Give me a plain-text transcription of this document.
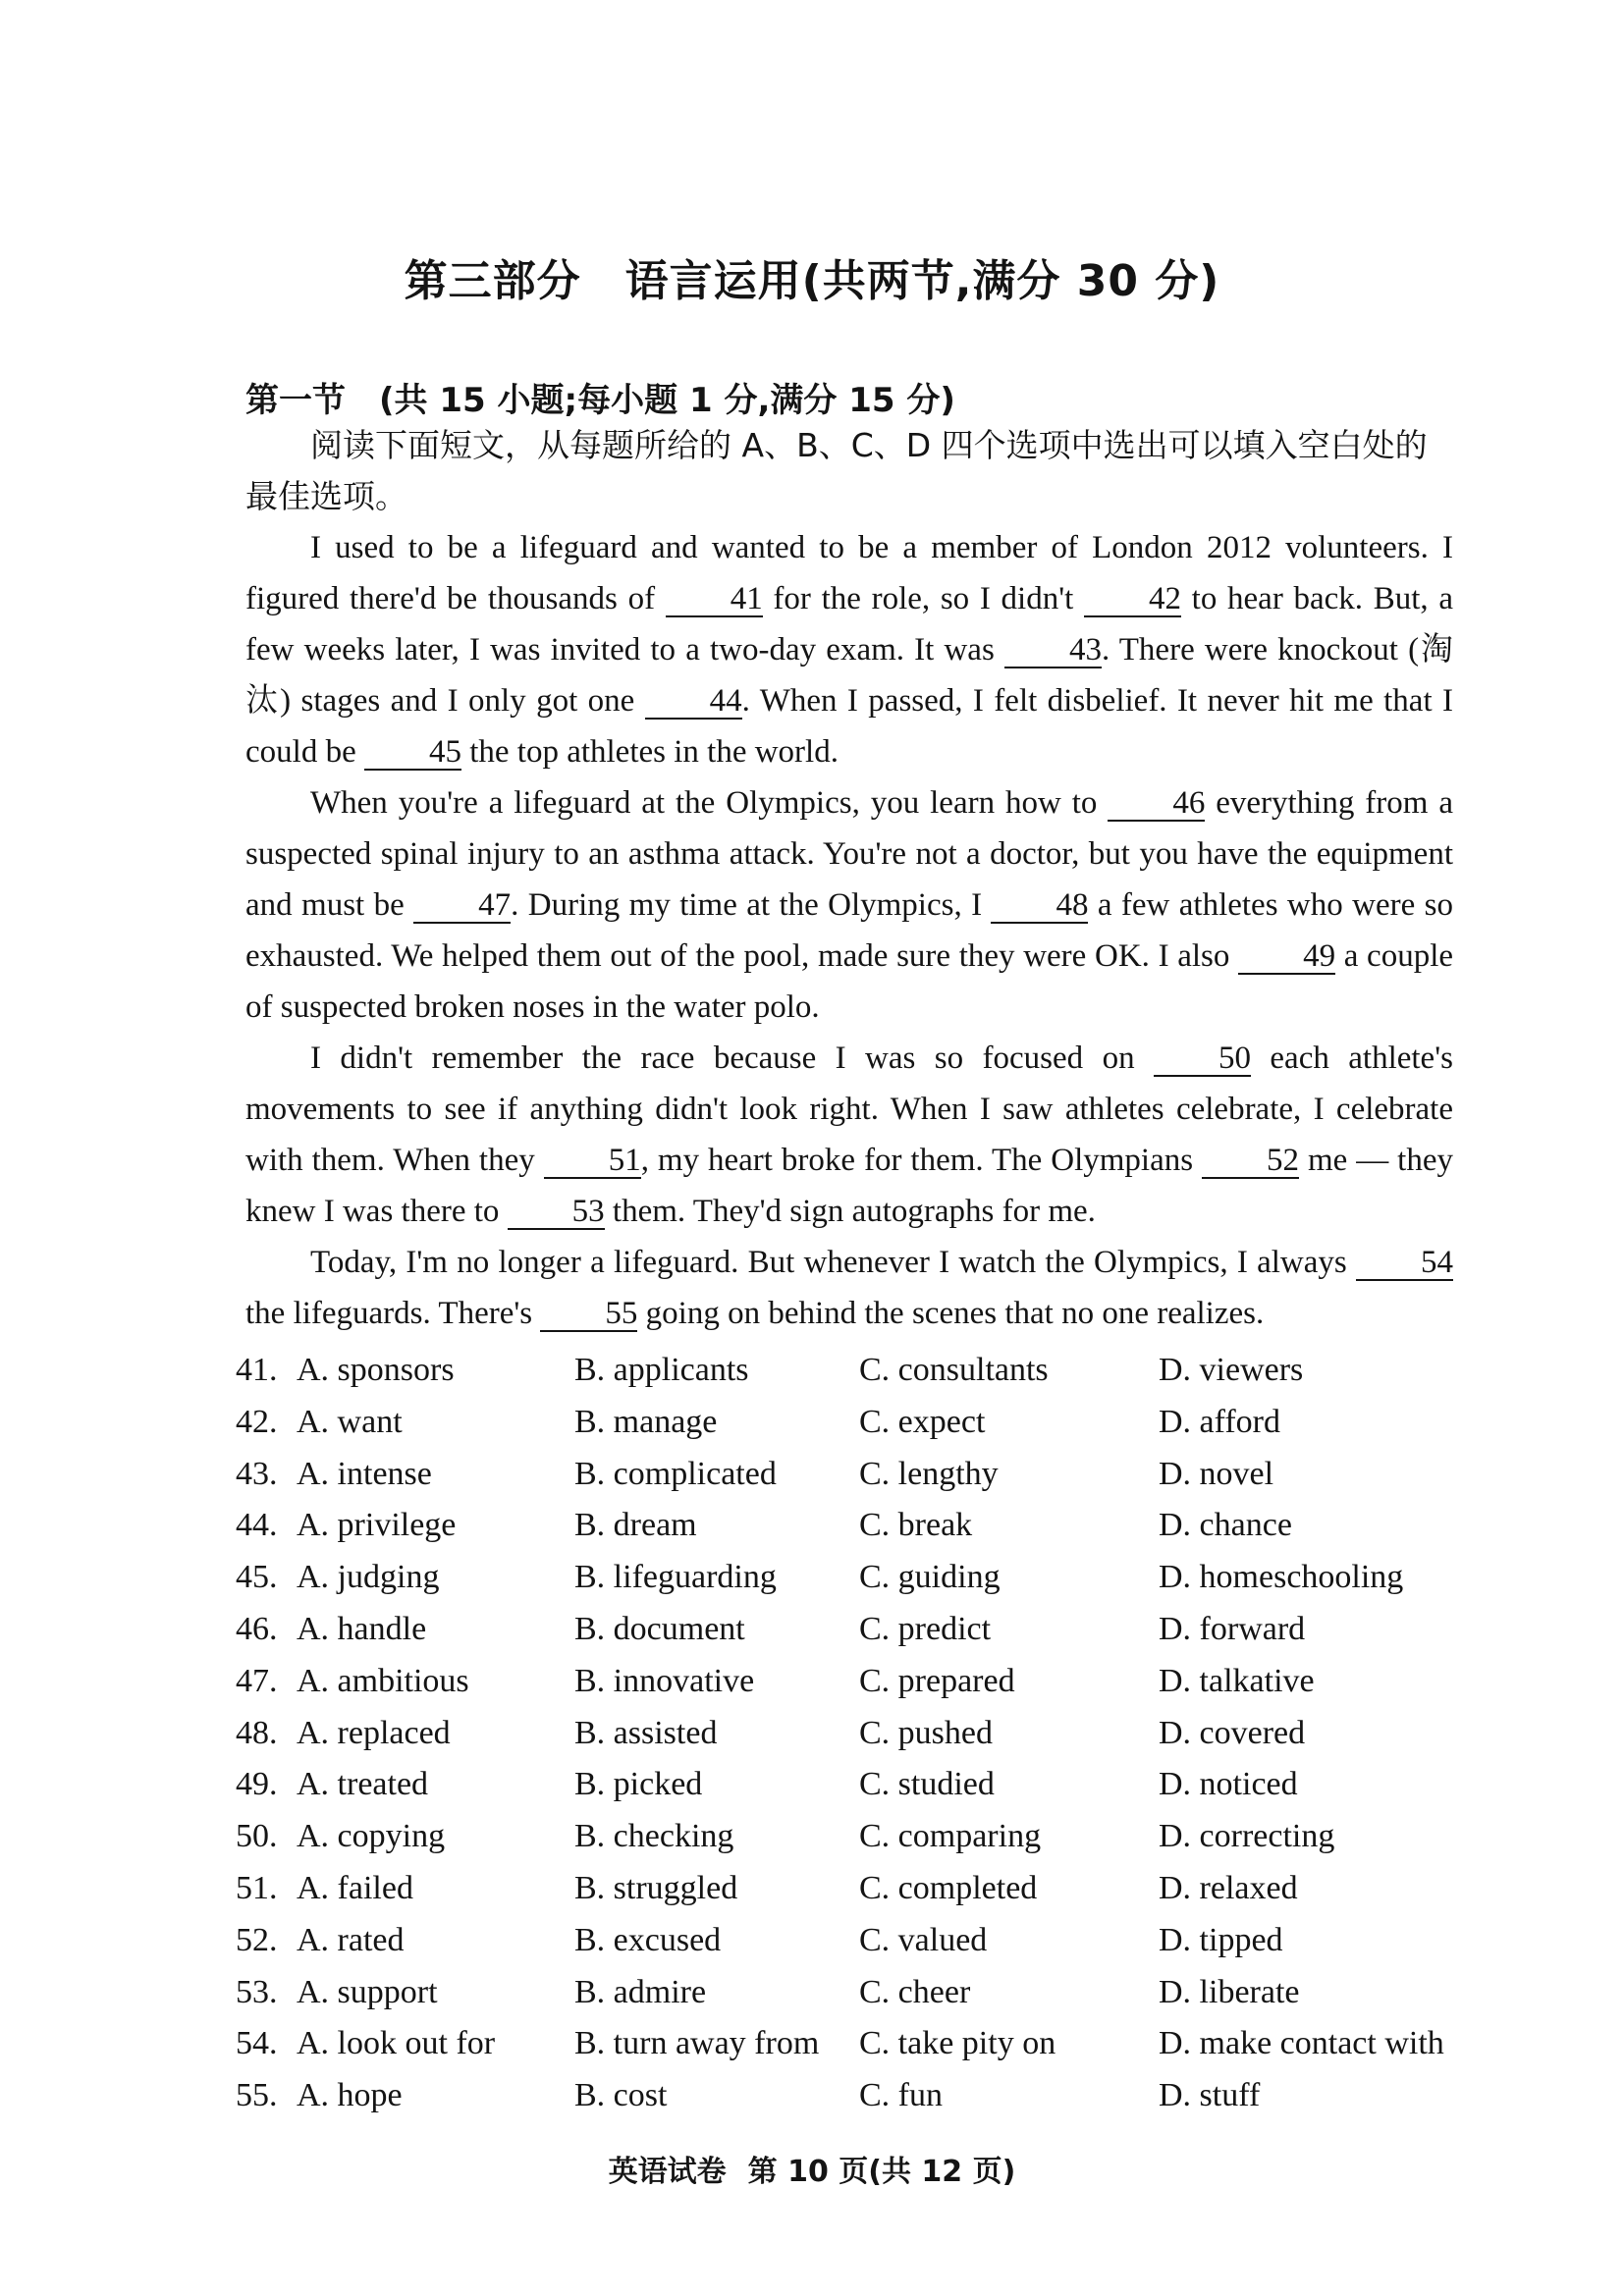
第三部分　语言运用(共两节,满分 30 分)
第一节　(共 15 小题;每小题 1 分,满分 15 分)
阅读下面短文，从每题所给的 A、B、C、D 四个选项中选出可以填入空白处的最佳选项。

I used to be a lifeguard and wanted to be a member of London 2012 volunteers. I figured there'd be thousands of 41 for the role, so I didn't 42 to hear back. But, a few weeks later, I was invited to a two-day exam. It was 43. There were knockout (淘汰) stages and I only got one 44. When I passed, I felt disbelief. It never hit me that I could be 45 the top athletes in the world.

When you're a lifeguard at the Olympics, you learn how to 46 everything from a suspected spinal injury to an asthma attack. You're not a doctor, but you have the equipment and must be 47. During my time at the Olympics, I 48 a few athletes who were so exhausted. We helped them out of the pool, made sure they were OK. I also 49 a couple of suspected broken noses in the water polo.

I didn't remember the race because I was so focused on 50 each athlete's movements to see if anything didn't look right. When I saw athletes celebrate, I celebrate with them. When they 51, my heart broke for them. The Olympians 52 me — they knew I was there to 53 them. They'd sign autographs for me.

Today, I'm no longer a lifeguard. But whenever I watch the Olympics, I always 54 the lifeguards. There's 55 going on behind the scenes that no one realizes.

41. A. sponsors	B. applicants	C. consultants	D. viewers
42. A. want	B. manage	C. expect	D. afford
43. A. intense	B. complicated C. lengthy	D. novel
44. A. privilege	B. dream	C. break	D. chance
45. A. judging	B. lifeguarding C. guiding	D. homeschooling
46. A. handle	B. document	C. predict	D. forward
47. A. ambitious	B. innovative	C. prepared	D. talkative
48. A. replaced	B. assisted	C. pushed	D. covered
49. A. treated	B. picked	C. studied	D. noticed
50. A. copying	B. checking	C. comparing	D. correcting
51. A. failed	B. struggled	C. completed	D. relaxed
52. A. rated	B. excused	C. valued	D. tipped
53. A. support	B. admire	C. cheer	D. liberate
54. A. look out for B. turn away from C. take pity on	D. make contact with
55. A. hope	B. cost	C. fun	D. stuff
英语试卷 第 10 页(共 12 页)
